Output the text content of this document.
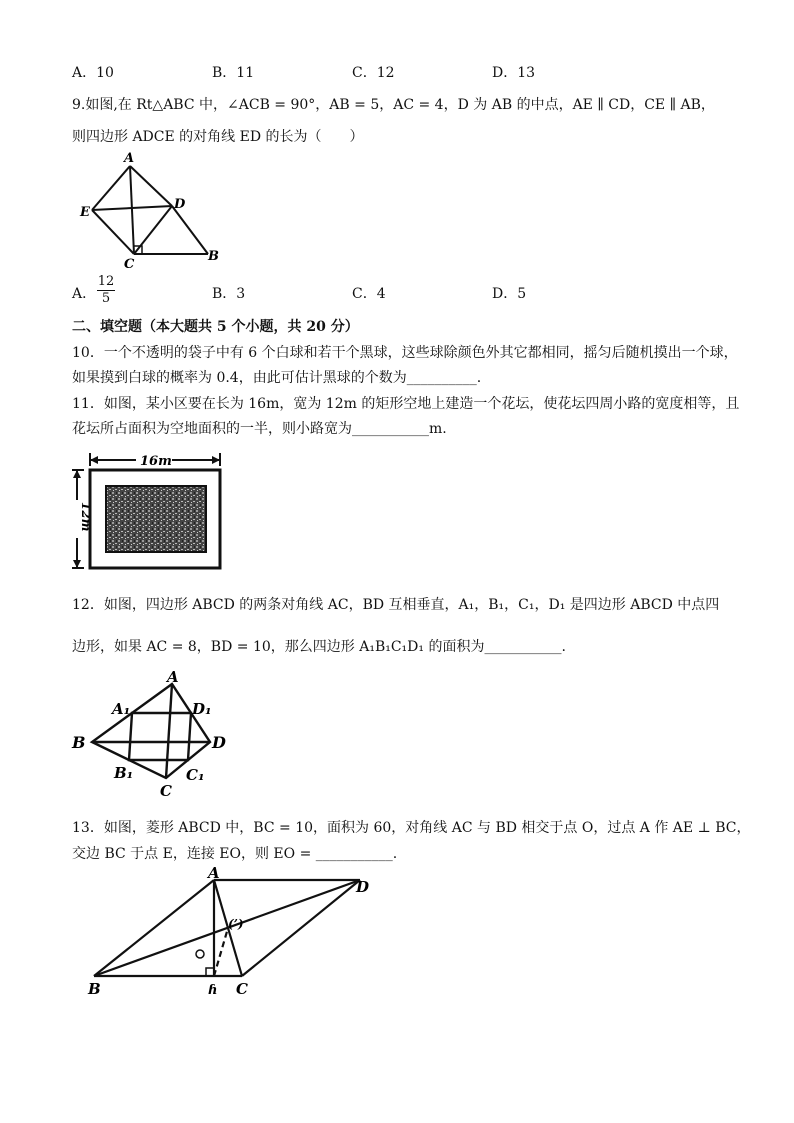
A．10	B．11	C．12	D．13
9.如图,在 Rt△ABC 中，∠ACB = 90°，AB = 5，AC = 4，D 为 AB 的中点，AE ∥ CD，CE ∥ AB，
则四边形 ADCE 的对角线 ED 的长为（　　）
A
E
D
C
B
A．
12
5	B．3	C．4	D．5
二、填空题（本大题共 5 个小题，共 20 分）
10．一个不透明的袋子中有 6 个白球和若干个黑球，这些球除颜色外其它都相同，摇匀后随机摸出一个球，
如果摸到白球的概率为 0.4，由此可估计黑球的个数为__________.
11．如图，某小区要在长为 16m，宽为 12m 的矩形空地上建造一个花坛，使花坛四周小路的宽度相等，且
花坛所占面积为空地面积的一半，则小路宽为___________m.
16m
12m
12．如图，四边形 ABCD 的两条对角线 AC，BD 互相垂直，A₁，B₁，C₁，D₁ 是四边形 ABCD 中点四
边形，如果 AC = 8，BD = 10，那么四边形 A₁B₁C₁D₁ 的面积为___________.
A
A₁	D₁
B	D
B₁	C₁
C
13．如图，菱形 ABCD 中，BC = 10，面积为 60，对角线 AC 与 BD 相交于点 O，过点 A 作 AE ⊥ BC，
交边 BC 于点 E，连接 EO，则 EO = ___________.
A
D
B	C
ɦ
(ʼ)
